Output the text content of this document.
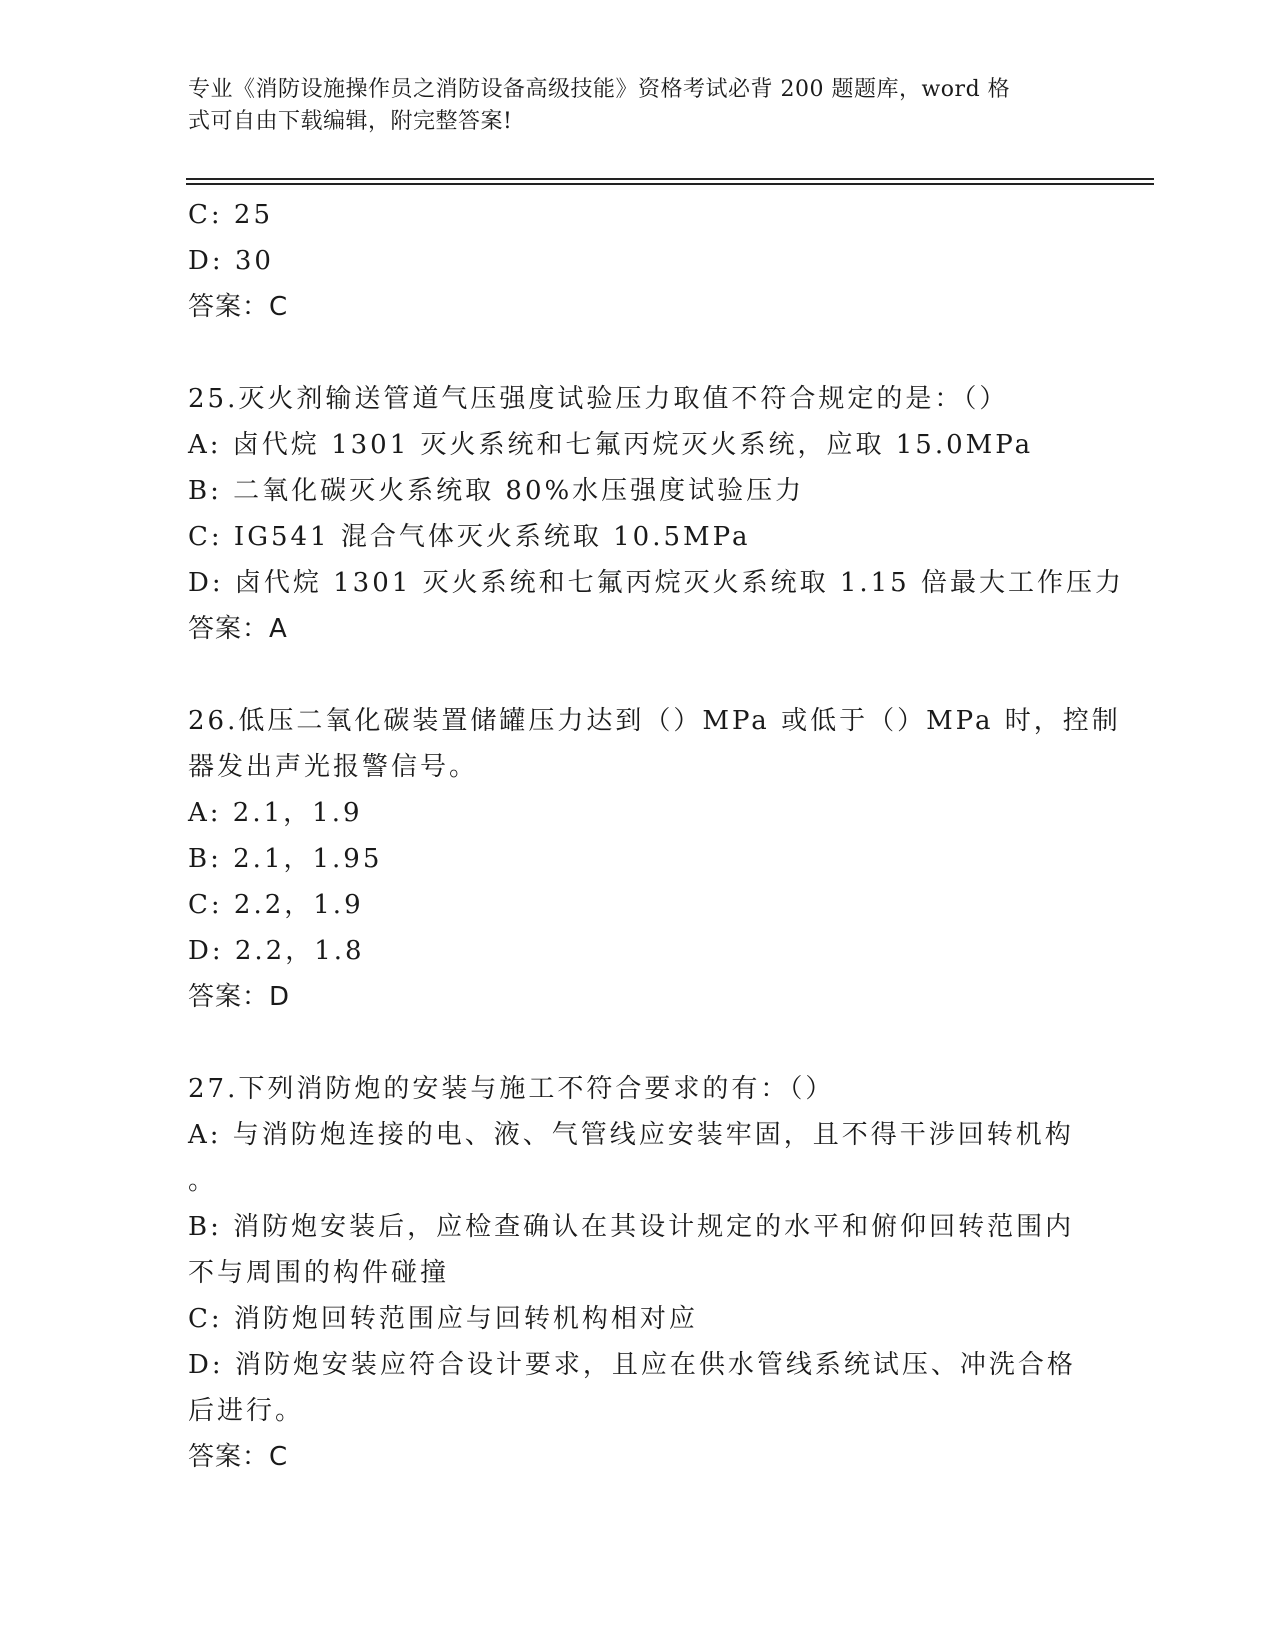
专业《消防设施操作员之消防设备高级技能》资格考试必背 200 题题库，word 格
式可自由下载编辑，附完整答案!
C: 25
D: 30
答案：C
25.灭火剂输送管道气压强度试验压力取值不符合规定的是：（）
A: 卤代烷 1301 灭火系统和七氟丙烷灭火系统，应取 15.0MPa
B: 二氧化碳灭火系统取 80%水压强度试验压力
C: IG541 混合气体灭火系统取 10.5MPa
D: 卤代烷 1301 灭火系统和七氟丙烷灭火系统取 1.15 倍最大工作压力
答案：A
26.低压二氧化碳装置储罐压力达到（）MPa 或低于（）MPa 时，控制
器发出声光报警信号。
A: 2.1，1.9
B: 2.1，1.95
C: 2.2，1.9
D: 2.2，1.8
答案：D
27.下列消防炮的安装与施工不符合要求的有：（）
A: 与消防炮连接的电、液、气管线应安装牢固，且不得干涉回转机构
。
B: 消防炮安装后，应检查确认在其设计规定的水平和俯仰回转范围内
不与周围的构件碰撞
C: 消防炮回转范围应与回转机构相对应
D: 消防炮安装应符合设计要求，且应在供水管线系统试压、冲洗合格
后进行。
答案：C
